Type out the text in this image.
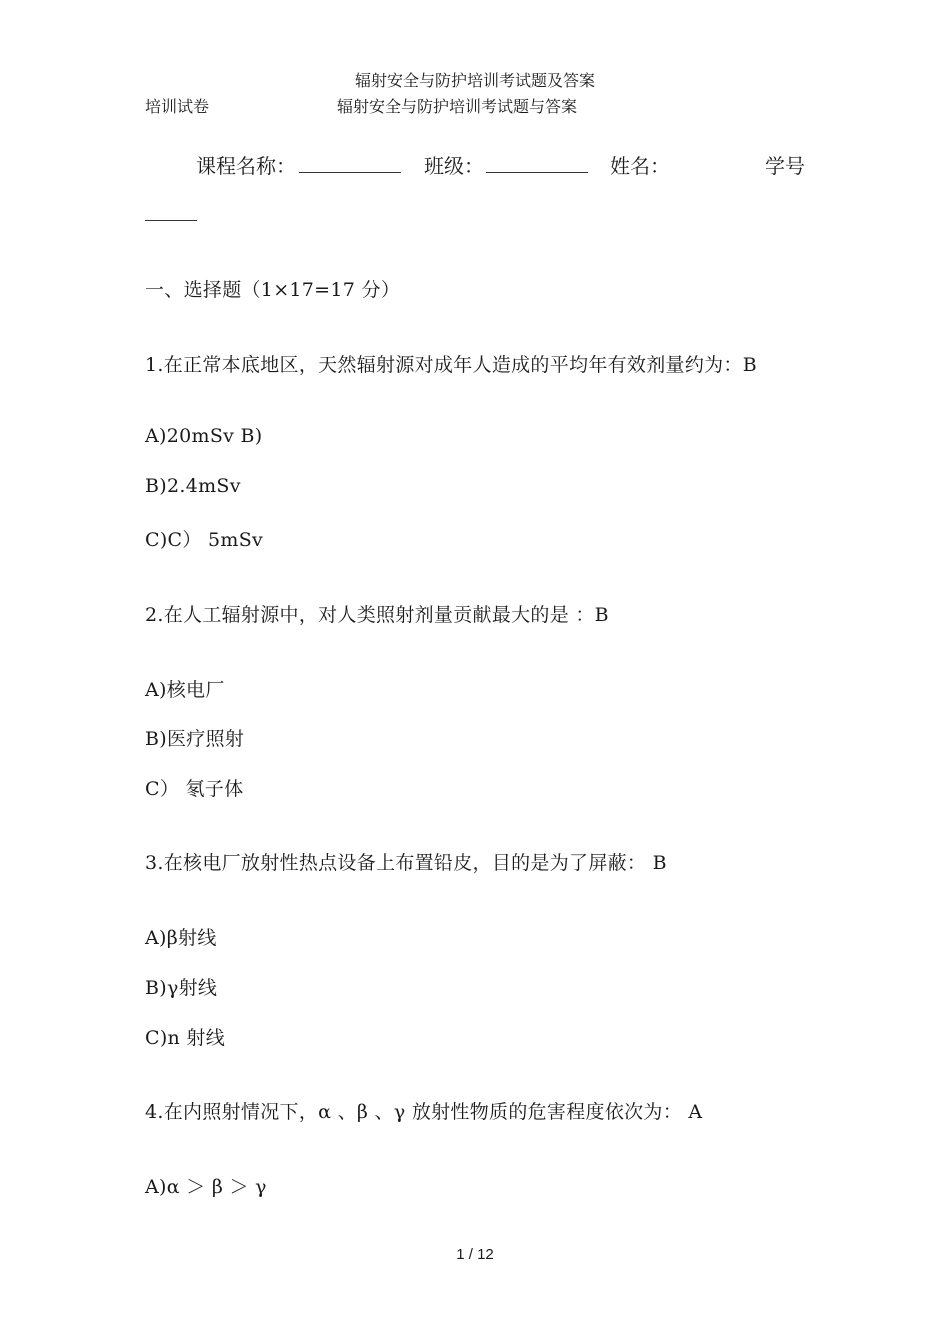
辐射安全与防护培训考试题及答案
培训试卷	辐射安全与防护培训考试题与答案
课程名称：	班级：	姓名：	学号
一、选择题（1×17=17 分）
1.在正常本底地区，天然辐射源对成年人造成的平均年有效剂量约为：B
A)20mSv B)
B)2.4mSv
C)C） 5mSv
2.在人工辐射源中，对人类照射剂量贡献最大的是 ：B
A)核电厂
B)医疗照射
C） 氡子体
3.在核电厂放射性热点设备上布置铅皮，目的是为了屏蔽： B
A)β射线
B)γ射线
C)n 射线
4.在内照射情况下，α 、β 、γ 放射性物质的危害程度依次为： A
A)α ＞ β ＞ γ
1 / 12
